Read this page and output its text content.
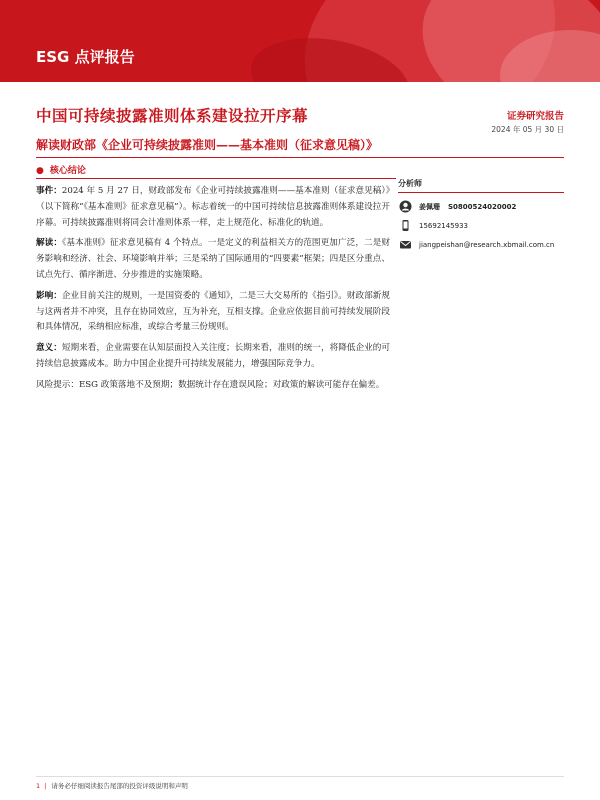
ESG 点评报告
中国可持续披露准则体系建设拉开序幕
解读财政部《企业可持续披露准则——基本准则（征求意见稿）》
证券研究报告
2024 年 05 月 30 日
● 核心结论

事件：2024 年 5 月 27 日，财政部发布《企业可持续披露准则——基本准则（征求意见稿）》（以下简称“《基本准则》征求意见稿”）。标志着统一的中国可持续信息披露准则体系建设拉开序幕。可持续披露准则将同会计准则体系一样，走上规范化、标准化的轨道。

解读：《基本准则》征求意见稿有 4 个特点。一是定义的利益相关方的范围更加广泛，二是财务影响和经济、社会、环境影响并举；三是采纳了国际通用的“四要素”框架；四是区分重点、试点先行、循序渐进、分步推进的实施策略。

影响：企业目前关注的规则，一是国资委的《通知》，二是三大交易所的《指引》。财政部新规与这两者并不冲突，且存在协同效应，互为补充，互相支撑。企业应依据目前可持续发展阶段和具体情况，采纳相应标准，或综合考量三份规则。

意义：短期来看，企业需要在认知层面投入关注度；长期来看，准则的统一，将降低企业的可持续信息披露成本。助力中国企业提升可持续发展能力，增强国际竞争力。

风险提示：ESG 政策落地不及预期；数据统计存在遗误风险；对政策的解读可能存在偏差。

分析师
姜佩珊 S0800524020002
15692145933
jiangpeishan@research.xbmail.com.cn
1 | 请务必仔细阅读报告尾部的投资评级说明和声明
